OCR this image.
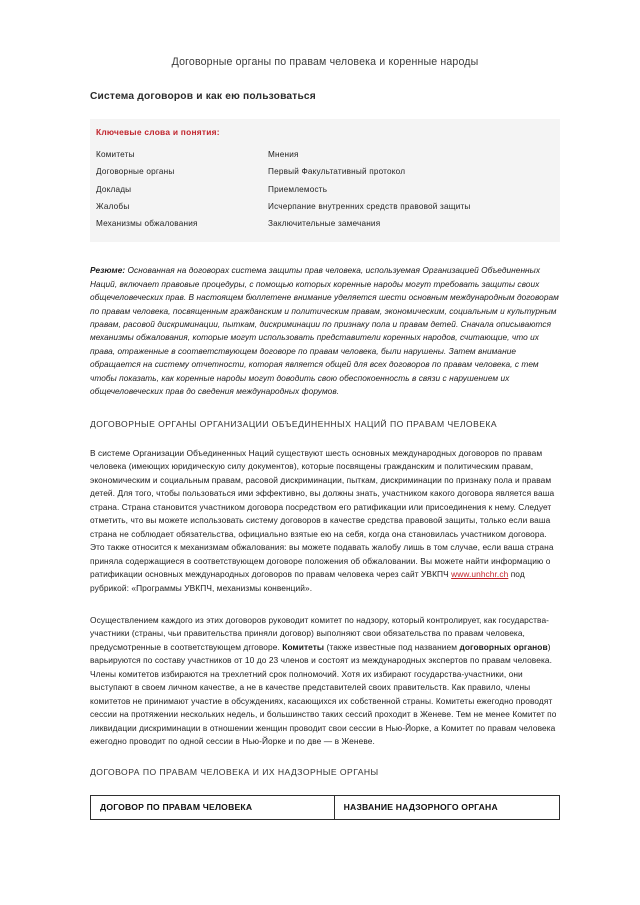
Договорные органы по правам человека и коренные народы
Система договоров и как ею пользоваться
Ключевые слова и понятия:
Комитеты	Мнения
Договорные органы	Первый Факультативный протокол
Доклады	Приемлемость
Жалобы	Исчерпание внутренних средств правовой защиты
Механизмы обжалования	Заключительные замечания

Резюме: Основанная на договорах система защиты прав человека, используемая Организацией Объединенных Наций, включает правовые процедуры, с помощью которых коренные народы могут требовать защиты своих общечеловеческих прав. В настоящем бюллетене внимание уделяется шести основным международным договорам по правам человека, посвященным гражданским и политическим правам, экономическим, социальным и культурным правам, расовой дискриминации, пыткам, дискриминации по признаку пола и правам детей. Сначала описываются механизмы обжалования, которые могут использовать представители коренных народов, считающие, что их права, отраженные в соответствующем договоре по правам человека, были нарушены. Затем внимание обращается на систему отчетности, которая является общей для всех договоров по правам человека, с тем чтобы показать, как коренные народы могут доводить свою обеспокоенность в связи с нарушением их общечеловеческих прав до сведения международных форумов.

ДОГОВОРНЫЕ ОРГАНЫ ОРГАНИЗАЦИИ ОБЪЕДИНЕННЫХ НАЦИЙ ПО ПРАВАМ ЧЕЛОВЕКА

В системе Организации Объединенных Наций существуют шесть основных международных договоров по правам человека (имеющих юридическую силу документов), которые посвящены гражданским и политическим правам, экономическим и социальным правам, расовой дискриминации, пыткам, дискриминации по признаку пола и правам детей. Для того, чтобы пользоваться ими эффективно, вы должны знать, участником какого договора является ваша страна. Страна становится участником договора посредством его ратификации или присоединения к нему. Следует отметить, что вы можете использовать систему договоров в качестве средства правовой защиты, только если ваша страна не соблюдает обязательства, официально взятые ею на себя, когда она становилась участником договора. Это также относится к механизмам обжалования: вы можете подавать жалобу лишь в том случае, если ваша страна приняла содержащиеся в соответствующем договоре положения об обжаловании. Вы можете найти информацию о ратификации основных международных договоров по правам человека через сайт УВКПЧ www.unhchr.ch под рубрикой: «Программы УВКПЧ, механизмы конвенций».

Осуществлением каждого из этих договоров руководит комитет по надзору, который контролирует, как государства-участники (страны, чьи правительства приняли договор) выполняют свои обязательства по правам человека, предусмотренные в соответствующем дrговоре. Комитеты (также известные под названием договорных органов) варьируются по составу участников от 10 до 23 членов и состоят из международных экспертов по правам человека. Члены комитетов избираются на трехлетний срок полномочий. Хотя их избирают государства-участники, они выступают в своем личном качестве, а не в качестве представителей своих правительств. Как правило, члены комитетов не принимают участие в обсуждениях, касающихся их собственной страны. Комитеты ежегодно проводят сессии на протяжении нескольких недель, и большинство таких сессий проходит в Женеве. Тем не менее Комитет по ликвидации дискриминации в отношении женщин проводит свои сессии в Нью-Йорке, а Комитет по правам человека ежегодно проводит по одной сессии в Нью-Йорке и по две — в Женеве.

ДОГОВОРА ПО ПРАВАМ ЧЕЛОВЕКА И ИХ НАДЗОРНЫЕ ОРГАНЫ
ДОГОВОР ПО ПРАВАМ ЧЕЛОВЕКА	НАЗВАНИЕ НАДЗОРНОГО ОРГАНА
